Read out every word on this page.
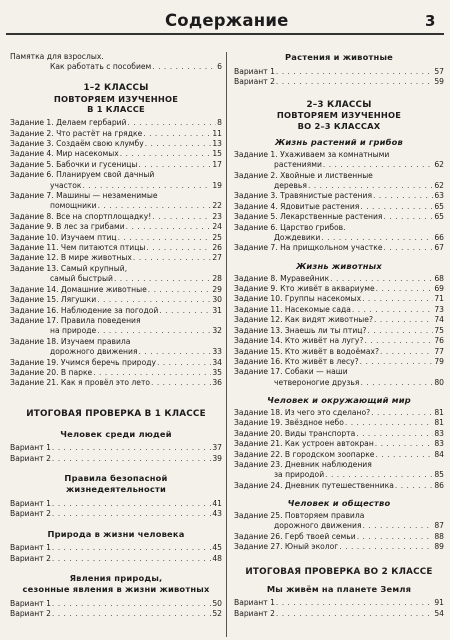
Содержание	3
Памятка для взрослых.
Как работать с пособием . . .	6
1–2 КЛАССЫ
ПОВТОРЯЕМ ИЗУЧЕННОЕ
В 1 КЛАССЕ
Задание 1. Делаем гербарий . . .	8
Задание 2. Что растёт на грядке . . .	11
Задание 3. Создаём свою клумбу . . .	13
Задание 4. Мир насекомых . . .	15
Задание 5. Бабочки и гусеницы . . .	17
Задание 6. Планируем свой дачный
участок . . .	19
Задание 7. Машины — незаменимые
помощники . . .	22
Задание 8. Все на спортплощадку! . . .	23
Задание 9. В лес за грибами . . .	24
Задание 10. Изучаем птиц . . .	25
Задание 11. Чем питаются птицы . . .	26
Задание 12. В мире животных . . .	27
Задание 13. Самый крупный,
самый быстрый . . .	28
Задание 14. Домашние животные . . .	29
Задание 15. Лягушки . . .	30
Задание 16. Наблюдение за погодой . . .	31
Задание 17. Правила поведения
на природе . . .	32
Задание 18. Изучаем правила
дорожного движения . . .	33
Задание 19. Учимся беречь природу . . .	34
Задание 20. В парке . . .	35
Задание 21. Как я провёл это лето . . .	36
ИТОГОВАЯ ПРОВЕРКА В 1 КЛАССЕ
Человек среди людей
Вариант 1 . . .	37
Вариант 2 . . .	39
Правила безопасной
жизнедеятельности
Вариант 1 . . .	41
Вариант 2 . . .	43
Природа в жизни человека
Вариант 1 . . .	45
Вариант 2 . . .	48
Явления природы,
сезонные явления в жизни животных
Вариант 1 . . .	50
Вариант 2 . . .	52
Растения и животные
Вариант 1 . . .	57
Вариант 2 . . .	59
2–3 КЛАССЫ
ПОВТОРЯЕМ ИЗУЧЕННОЕ
ВО 2–3 КЛАССАХ
Жизнь растений и грибов
Задание 1. Ухаживаем за комнатными
растениями . . .	62
Задание 2. Хвойные и лиственные
деревья . . .	62
Задание 3. Травянистые растения . . .	63
Задание 4. Ядовитые растения . . .	65
Задание 5. Лекарственные растения . . .	65
Задание 6. Царство грибов.
Дождевики . . .	66
Задание 7. На прищкольном участке . . .	67
Жизнь животных
Задание 8. Муравейник . . .	68
Задание 9. Кто живёт в аквариуме . . .	69
Задание 10. Группы насекомых . . .	71
Задание 11. Насекомые сада . . .	73
Задание 12. Как видят животные? . . .	74
Задание 13. Знаешь ли ты птиц? . . .	75
Задание 14. Кто живёт на лугу? . . .	76
Задание 15. Кто живёт в водоёмах? . . .	77
Задание 16. Кто живёт в лесу? . . .	79
Задание 17. Собаки — наши
четвероногие друзья . . .	80
Человек и окружающий мир
Задание 18. Из чего это сделано? . . .	81
Задание 19. Звёздное небо . . .	81
Задание 20. Виды транспорта . . .	83
Задание 21. Как устроен автокран . . .	83
Задание 22. В городском зоопарке . . .	84
Задание 23. Дневник наблюдения
за природой . . .	85
Задание 24. Дневник путешественника . . .	86
Человек и общество
Задание 25. Повторяем правила
дорожного движения . . .	87
Задание 26. Герб твоей семьи . . .	88
Задание 27. Юный эколог . . .	89
ИТОГОВАЯ ПРОВЕРКА ВО 2 КЛАССЕ
Мы живём на планете Земля
Вариант 1 . . .	91
Вариант 2 . . .	54
